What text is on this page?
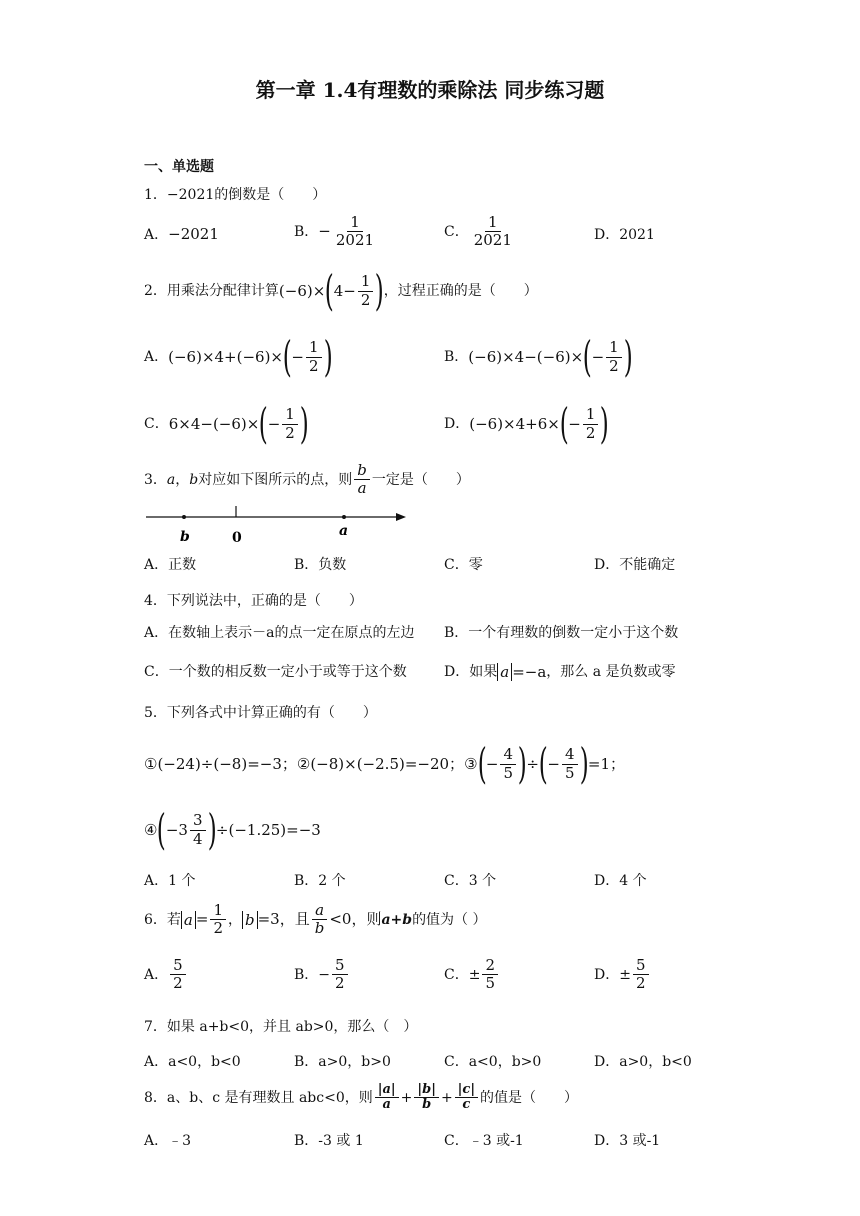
第一章 1.4有理数的乘除法 同步练习题
一、单选题
1．−2021的倒数是（　　）
A．−2021	B． − $\frac{1}{2021}$	C． $\frac{1}{2021}$	D．2021
2．用乘法分配律计算 (−6)× ( $4- \frac{1}{2}$ ) ，过程正确的是（　　）
A． (−6)×4+(−6)× ( − $\frac{1}{2}$ )	B． (−6)×4−(−6)× ( − $\frac{1}{2}$ )
C． 6×4−(−6)× ( − $\frac{1}{2}$ )	D． (−6)×4+6× ( − $\frac{1}{2}$ )
3． a ， b 对应如下图所示的点，则 $\frac{b}{a}$ 一定是（　　）
b	0	a
A．正数	B．负数	C．零	D．不能确定
4．下列说法中，正确的是（　　）
A．在数轴上表示－a的点一定在原点的左边 B．一个有理数的倒数一定小于这个数
C．一个数的相反数一定小于或等于这个数	D．如果 a =−a ，那么 a 是负数或零
5．下列各式中计算正确的有（　　）
①(−24)÷(−8)=−3； ②(−8)×(−2.5)=−20； ③ ( − $\frac{4}{5}$ ) ÷ ( − $\frac{4}{5}$ ) =1；
④ ( $-3 \frac{3}{4}$ ) ÷(−1.25)=−3
A．1 个	B．2 个	C．3 个	D．4 个
6．若 $a = \frac{1}{2}$ ， b =3，且 $\frac{a}{b} <0$，则 a+b 的值为（ ）
A． $\frac{5}{2}$	B．− $\frac{5}{2}$	C．± $\frac{2}{5}$	D．± $\frac{5}{2}$
7．如果 a+b<0，并且 ab>0，那么（　）
A．a<0，b<0	B．a>0，b>0	C．a<0，b>0	D．a>0，b<0
8．a、b、c 是有理数且 abc<0，则 $\frac{|a|}{a} + \frac{|b|}{b} + \frac{|c|}{c}$ 的值是（　　）
A．﹣3	B．-3 或 1	C．﹣3 或-1	D．3 或-1
